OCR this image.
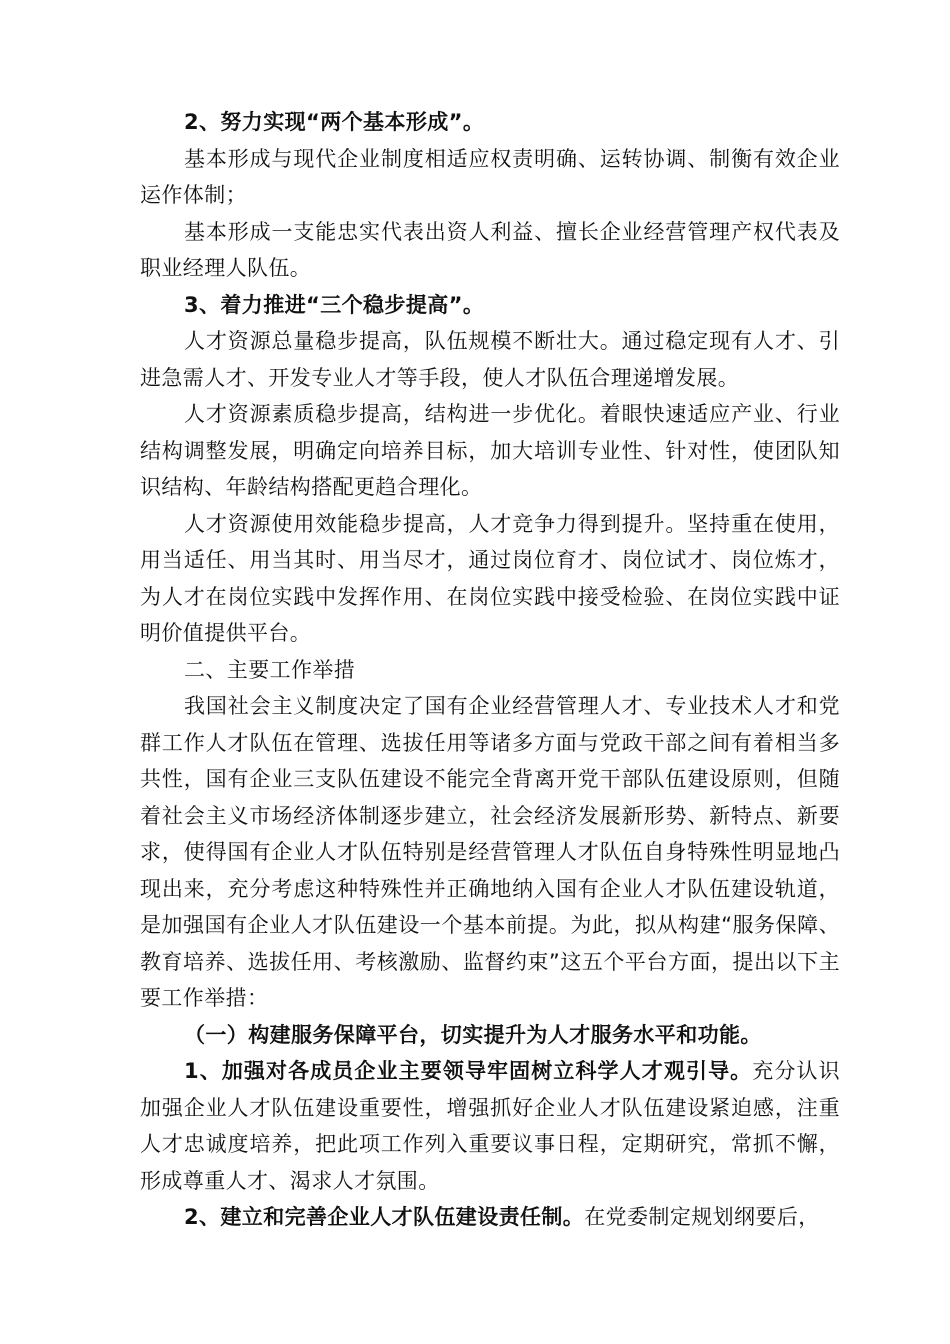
2、努力实现“两个基本形成”。

基本形成与现代企业制度相适应权责明确、运转协调、制衡有效企业运作体制；

基本形成一支能忠实代表出资人利益、擅长企业经营管理产权代表及职业经理人队伍。

3、着力推进“三个稳步提高”。

人才资源总量稳步提高，队伍规模不断壮大。通过稳定现有人才、引进急需人才、开发专业人才等手段，使人才队伍合理递增发展。

人才资源素质稳步提高，结构进一步优化。着眼快速适应产业、行业结构调整发展，明确定向培养目标，加大培训专业性、针对性，使团队知识结构、年龄结构搭配更趋合理化。

人才资源使用效能稳步提高，人才竞争力得到提升。坚持重在使用，用当适任、用当其时、用当尽才，通过岗位育才、岗位试才、岗位炼才，为人才在岗位实践中发挥作用、在岗位实践中接受检验、在岗位实践中证明价值提供平台。

二、主要工作举措

我国社会主义制度决定了国有企业经营管理人才、专业技术人才和党群工作人才队伍在管理、选拔任用等诸多方面与党政干部之间有着相当多共性，国有企业三支队伍建设不能完全背离开党干部队伍建设原则，但随着社会主义市场经济体制逐步建立，社会经济发展新形势、新特点、新要求，使得国有企业人才队伍特别是经营管理人才队伍自身特殊性明显地凸现出来，充分考虑这种特殊性并正确地纳入国有企业人才队伍建设轨道，是加强国有企业人才队伍建设一个基本前提。为此，拟从构建“服务保障、教育培养、选拔任用、考核激励、监督约束”这五个平台方面，提出以下主要工作举措：

（一）构建服务保障平台，切实提升为人才服务水平和功能。

1、加强对各成员企业主要领导牢固树立科学人才观引导。充分认识加强企业人才队伍建设重要性，增强抓好企业人才队伍建设紧迫感，注重人才忠诚度培养，把此项工作列入重要议事日程，定期研究，常抓不懈，形成尊重人才、渴求人才氛围。

2、建立和完善企业人才队伍建设责任制。在党委制定规划纲要后，
